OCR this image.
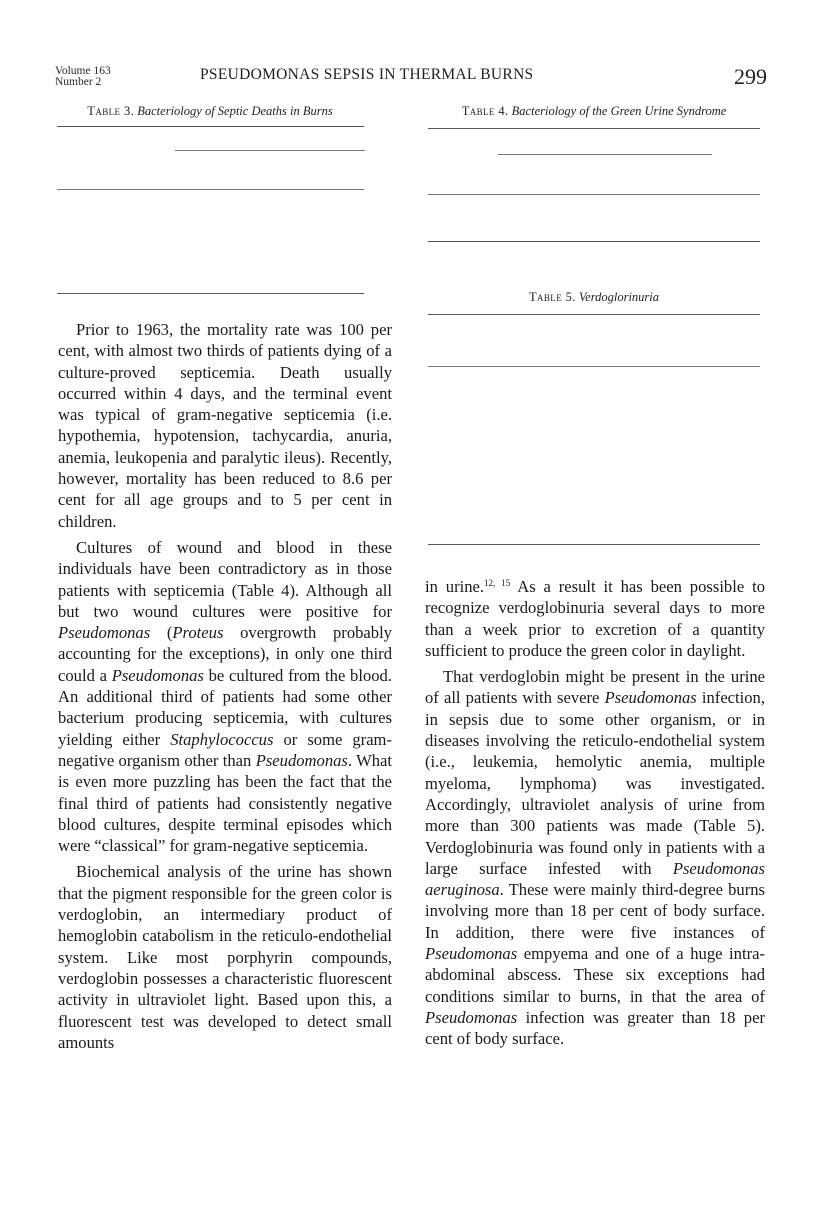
Volume 163
Number 2	PSEUDOMONAS SEPSIS IN THERMAL BURNS	299
Table 3. Bacteriology of Septic Deaths in Burns	Table 4. Bacteriology of the Green Urine Syndrome
Table 5. Verdoglorinuria

Prior to 1963, the mortality rate was 100 per cent, with almost two thirds of patients dying of a culture-proved septicemia. Death usually occurred within 4 days, and the terminal event was typical of gram-negative septicemia (i.e. hypothemia, hypotension, tachycardia, anuria, anemia, leukopenia and paralytic ileus). Recently, however, mortality has been reduced to 8.6 per cent for all age groups and to 5 per cent in children.

Cultures of wound and blood in these individuals have been contradictory as in those patients with septicemia (Table 4). Although all but two wound cultures were positive for Pseudomonas (Proteus overgrowth probably accounting for the exceptions), in only one third could a Pseudomonas be cultured from the blood. An additional third of patients had some other bacterium producing septicemia, with cultures yielding either Staphylococcus or some gram-negative organism other than Pseudomonas. What is even more puzzling has been the fact that the final third of patients had consistently negative blood cultures, despite terminal episodes which were “classical” for gram-negative septicemia.

Biochemical analysis of the urine has shown that the pigment responsible for the green color is verdoglobin, an intermediary product of hemoglobin catabolism in the reticulo-endothelial system. Like most porphyrin compounds, verdoglobin possesses a characteristic fluorescent activity in ultraviolet light. Based upon this, a fluorescent test was developed to detect small amounts

in urine.$^{12, 15}$ As a result it has been possible to recognize verdoglobinuria several days to more than a week prior to excretion of a quantity sufficient to produce the green color in daylight.

That verdoglobin might be present in the urine of all patients with severe Pseudomonas infection, in sepsis due to some other organism, or in diseases involving the reticulo-endothelial system (i.e., leukemia, hemolytic anemia, multiple myeloma, lymphoma) was investigated. Accordingly, ultraviolet analysis of urine from more than 300 patients was made (Table 5). Verdoglobinuria was found only in patients with a large surface infested with Pseudomonas aeruginosa. These were mainly third-degree burns involving more than 18 per cent of body surface. In addition, there were five instances of Pseudomonas empyema and one of a huge intra-abdominal abscess. These six exceptions had conditions similar to burns, in that the area of Pseudomonas infection was greater than 18 per cent of body surface.
